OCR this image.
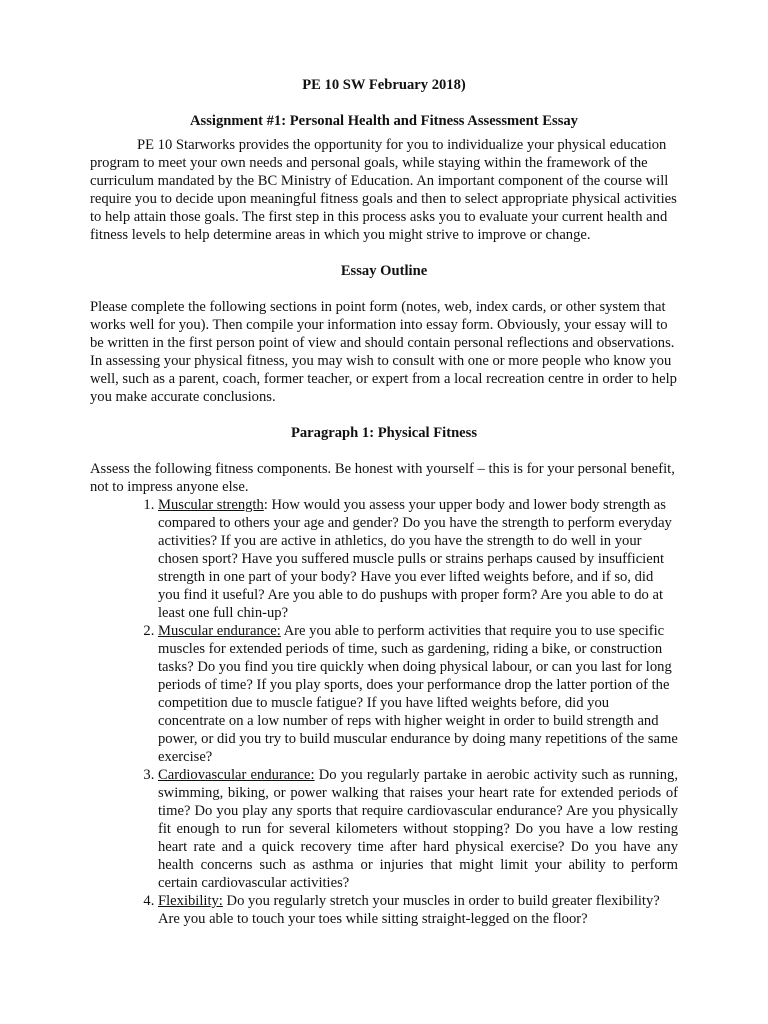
PE 10 SW February 2018)

Assignment #1: Personal Health and Fitness Assessment Essay

PE 10 Starworks provides the opportunity for you to individualize your physical education program to meet your own needs and personal goals, while staying within the framework of the curriculum mandated by the BC Ministry of Education. An important component of the course will require you to decide upon meaningful fitness goals and then to select appropriate physical activities to help attain those goals. The first step in this process asks you to evaluate your current health and fitness levels to help determine areas in which you might strive to improve or change.

Essay Outline

Please complete the following sections in point form (notes, web, index cards, or other system that works well for you). Then compile your information into essay form. Obviously, your essay will to be written in the first person point of view and should contain personal reflections and observations. In assessing your physical fitness, you may wish to consult with one or more people who know you well, such as a parent, coach, former teacher, or expert from a local recreation centre in order to help you make accurate conclusions.

Paragraph 1: Physical Fitness

Assess the following fitness components. Be honest with yourself – this is for your personal benefit, not to impress anyone else.

1. Muscular strength: How would you assess your upper body and lower body strength as compared to others your age and gender? Do you have the strength to perform everyday activities? If you are active in athletics, do you have the strength to do well in your chosen sport? Have you suffered muscle pulls or strains perhaps caused by insufficient strength in one part of your body? Have you ever lifted weights before, and if so, did you find it useful? Are you able to do pushups with proper form? Are you able to do at least one full chin-up?
2. Muscular endurance: Are you able to perform activities that require you to use specific muscles for extended periods of time, such as gardening, riding a bike, or construction tasks? Do you find you tire quickly when doing physical labour, or can you last for long periods of time? If you play sports, does your performance drop the latter portion of the competition due to muscle fatigue? If you have lifted weights before, did you concentrate on a low number of reps with higher weight in order to build strength and power, or did you try to build muscular endurance by doing many repetitions of the same exercise?
3. Cardiovascular endurance: Do you regularly partake in aerobic activity such as running, swimming, biking, or power walking that raises your heart rate for extended periods of time? Do you play any sports that require cardiovascular endurance? Are you physically fit enough to run for several kilometers without stopping? Do you have a low resting heart rate and a quick recovery time after hard physical exercise? Do you have any health concerns such as asthma or injuries that might limit your ability to perform certain cardiovascular activities?
4. Flexibility: Do you regularly stretch your muscles in order to build greater flexibility? Are you able to touch your toes while sitting straight-legged on the floor?
